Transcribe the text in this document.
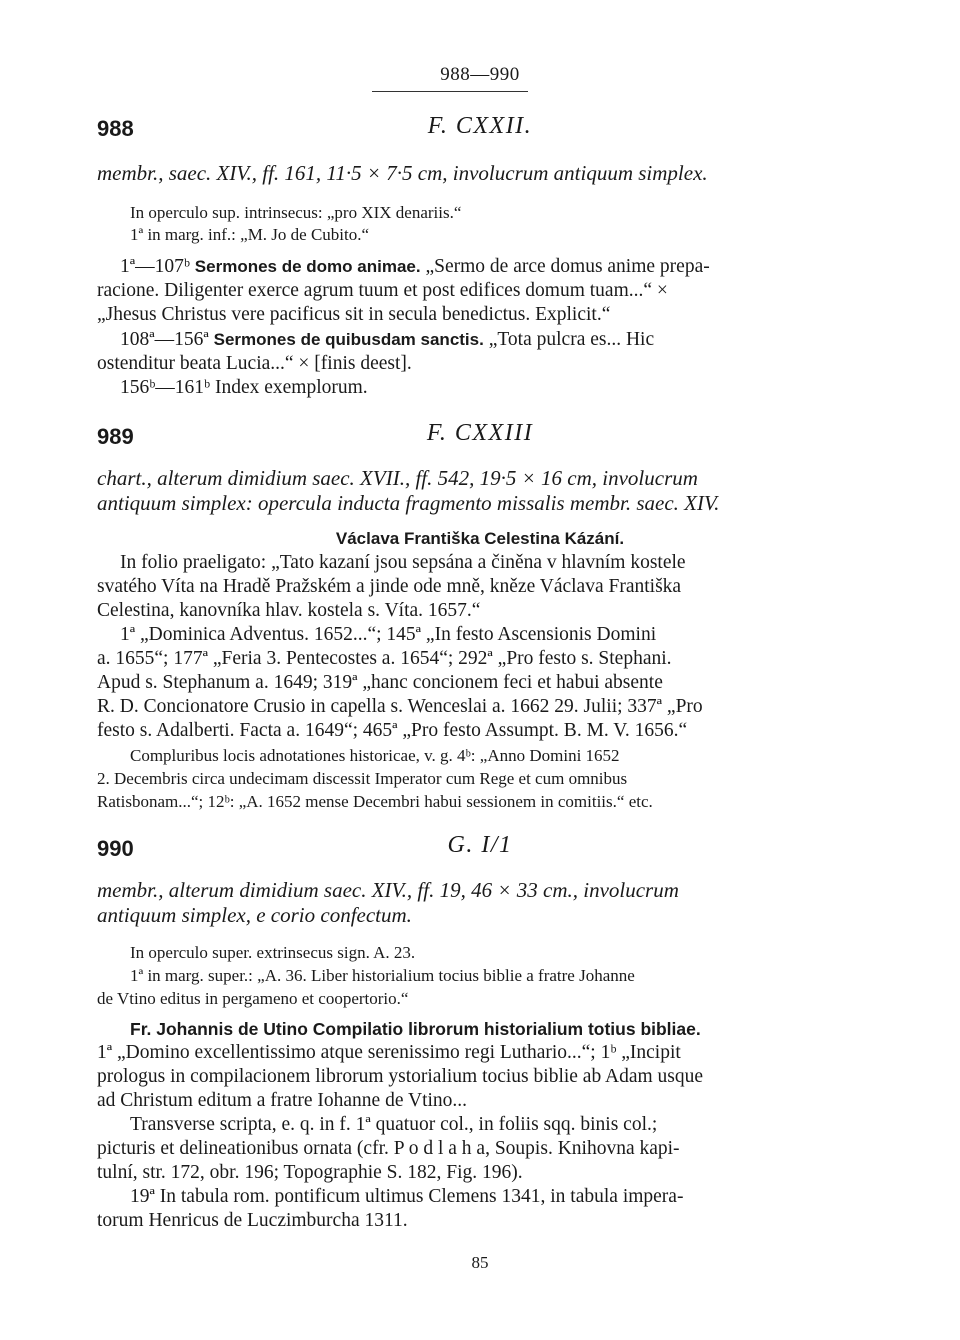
988—990
988	F. CXXII.
membr., saec. XIV., ff. 161, 11·5 × 7·5 cm, involucrum antiquum simplex.
In operculo sup. intrinsecus: „pro XIX denariis.“
1ª in marg. inf.: „M. Jo de Cubito.“
1ª—107ᵇ Sermones de domo animae. „Sermo de arce domus anime prepa-
racione. Diligenter exerce agrum tuum et post edifices domum tuam...“ ×
„Jhesus Christus vere pacificus sit in secula benedictus. Explicit.“
108ª—156ª Sermones de quibusdam sanctis. „Tota pulcra es... Hic
ostenditur beata Lucia...“ × [finis deest].
156ᵇ—161ᵇ Index exemplorum.
989	F. CXXIII
chart., alterum dimidium saec. XVII., ff. 542, 19·5 × 16 cm, involucrum
antiquum simplex: opercula inducta fragmento missalis membr. saec. XIV.
Václava Františka Celestina Kázání.
In folio praeligato: „Tato kazaní jsou sepsána a činěna v hlavním kostele
svatého Víta na Hradě Pražském a jinde ode mně, kněze Václava Františka
Celestina, kanovníka hlav. kostela s. Víta. 1657.“
1ª „Dominica Adventus. 1652...“; 145ª „In festo Ascensionis Domini
a. 1655“; 177ª „Feria 3. Pentecostes a. 1654“; 292ª „Pro festo s. Stephani.
Apud s. Stephanum a. 1649; 319ª „hanc concionem feci et habui absente
R. D. Concionatore Crusio in capella s. Wenceslai a. 1662 29. Julii; 337ª „Pro
festo s. Adalberti. Facta a. 1649“; 465ª „Pro festo Assumpt. B. M. V. 1656.“
Compluribus locis adnotationes historicae, v. g. 4ᵇ: „Anno Domini 1652
2. Decembris circa undecimam discessit Imperator cum Rege et cum omnibus
Ratisbonam...“; 12ᵇ: „A. 1652 mense Decembri habui sessionem in comitiis.“ etc.
990	G. I/1
membr., alterum dimidium saec. XIV., ff. 19, 46 × 33 cm., involucrum
antiquum simplex, e corio confectum.
In operculo super. extrinsecus sign. A. 23.
1ª in marg. super.: „A. 36. Liber historialium tocius biblie a fratre Johanne
de Vtino editus in pergameno et coopertorio.“
Fr. Johannis de Utino Compilatio librorum historialium totius bibliae.
1ª „Domino excellentissimo atque serenissimo regi Luthario...“; 1ᵇ „Incipit
prologus in compilacionem librorum ystorialium tocius biblie ab Adam usque
ad Christum editum a fratre Iohanne de Vtino...
Transverse scripta, e. q. in f. 1ª quatuor col., in foliis sqq. binis col.;
picturis et delineationibus ornata (cfr. P o d l a h a, Soupis. Knihovna kapi-
tulní, str. 172, obr. 196; Topographie S. 182, Fig. 196).
19ª In tabula rom. pontificum ultimus Clemens 1341, in tabula impera-
torum Henricus de Luczimburcha 1311.
85
